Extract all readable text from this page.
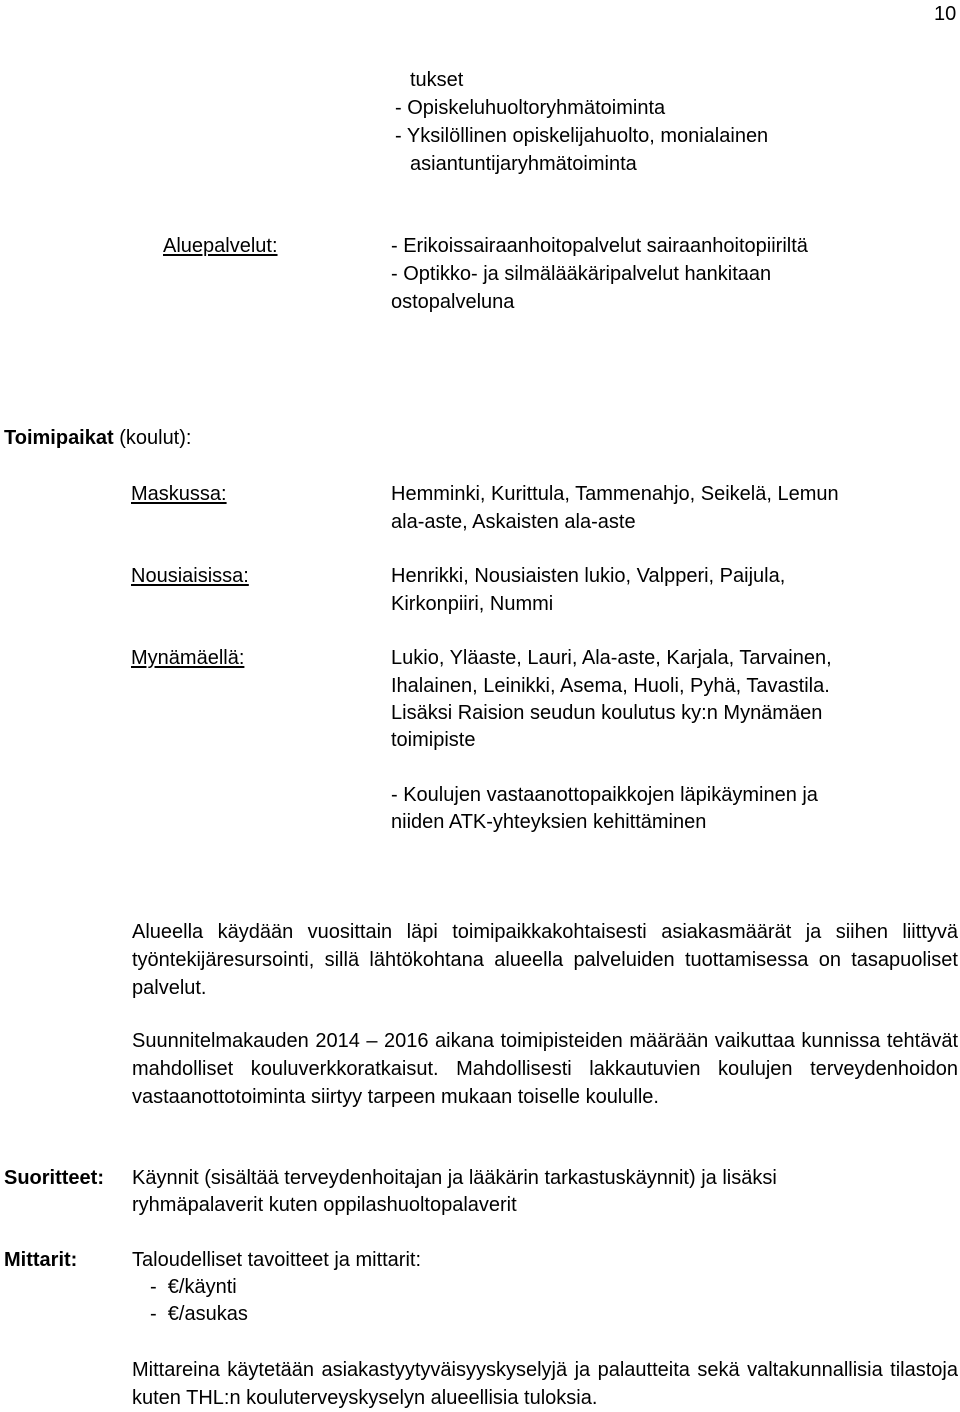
10
tukset
- Opiskeluhuoltoryhmätoiminta
- Yksilöllinen opiskelijahuolto, monialainen
asiantuntijaryhmätoiminta
Aluepalvelut:	- Erikoissairaanhoitopalvelut sairaanhoitopiiriltä
- Optikko- ja silmälääkäripalvelut hankitaan
ostopalveluna
Toimipaikat (koulut):
Maskussa:	Hemminki, Kurittula, Tammenahjo, Seikelä, Lemun
ala-aste, Askaisten ala-aste
Nousiaisissa:	Henrikki, Nousiaisten lukio, Valpperi, Paijula,
Kirkonpiiri, Nummi
Mynämäellä:	Lukio, Yläaste, Lauri, Ala-aste, Karjala, Tarvainen,
Ihalainen, Leinikki, Asema, Huoli, Pyhä, Tavastila.
Lisäksi Raision seudun koulutus ky:n Mynämäen
toimipiste
- Koulujen vastaanottopaikkojen läpikäyminen ja
niiden ATK-yhteyksien kehittäminen
Alueella käydään vuosittain läpi toimipaikkakohtaisesti asiakasmäärät ja siihen liittyvä työntekijäresursointi, sillä lähtökohtana alueella palveluiden tuottamisessa on tasapuoliset palvelut.
Suunnitelmakauden 2014 – 2016 aikana toimipisteiden määrään vaikuttaa kunnissa tehtävät mahdolliset kouluverkkoratkaisut. Mahdollisesti lakkautuvien koulujen terveydenhoidon vastaanottotoiminta siirtyy tarpeen mukaan toiselle koululle.
Suoritteet: Käynnit (sisältää terveydenhoitajan ja lääkärin tarkastuskäynnit) ja lisäksi
ryhmäpalaverit kuten oppilashuoltopalaverit
Mittarit:	Taloudelliset tavoitteet ja mittarit:
-  €/käynti
-  €/asukas
Mittareina käytetään asiakastyytyväisyyskyselyjä ja palautteita sekä valtakunnallisia tilastoja kuten THL:n kouluterveyskyselyn alueellisia tuloksia.
